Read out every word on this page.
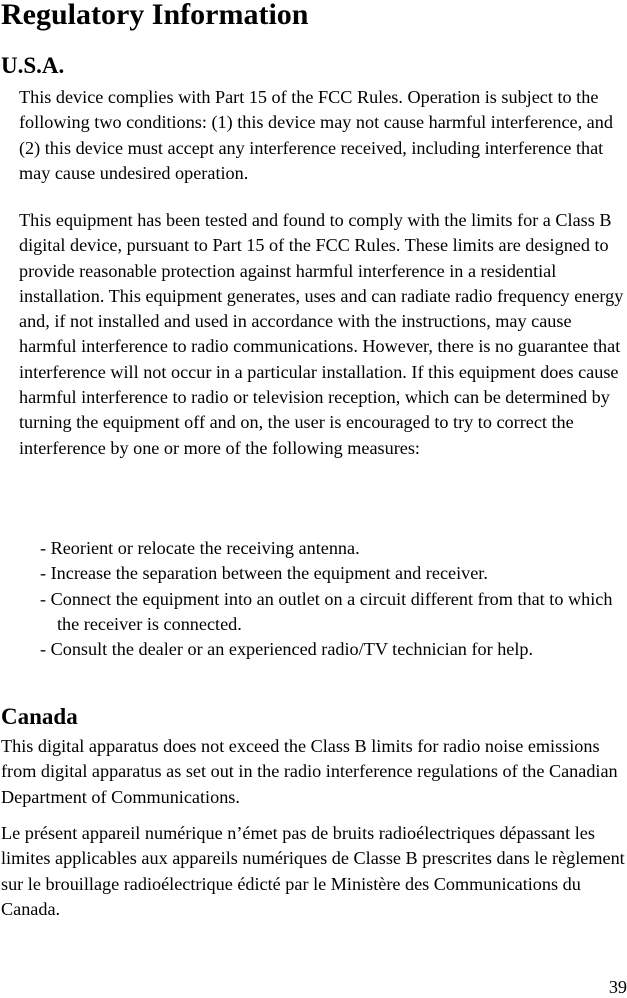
Regulatory Information
U.S.A.

This device complies with Part 15 of the FCC Rules. Operation is subject to the following two conditions: (1) this device may not cause harmful interference, and (2) this device must accept any interference received, including interference that may cause undesired operation.

This equipment has been tested and found to comply with the limits for a Class B digital device, pursuant to Part 15 of the FCC Rules. These limits are designed to provide reasonable protection against harmful interference in a residential installation. This equipment generates, uses and can radiate radio frequency energy and, if not installed and used in accordance with the instructions, may cause harmful interference to radio communications. However, there is no guarantee that interference will not occur in a particular installation. If this equipment does cause harmful interference to radio or television reception, which can be determined by turning the equipment off and on, the user is encouraged to try to correct the interference by one or more of the following measures:

- Reorient or relocate the receiving antenna.
- Increase the separation between the equipment and receiver.
- Connect the equipment into an outlet on a circuit different from that to which the receiver is connected.
- Consult the dealer or an experienced radio/TV technician for help.
Canada

This digital apparatus does not exceed the Class B limits for radio noise emissions from digital apparatus as set out in the radio interference regulations of the Canadian Department of Communications.

Le présent appareil numérique n’émet pas de bruits radioélectriques dépassant les limites applicables aux appareils numériques de Classe B prescrites dans le règlement sur le brouillage radioélectrique édicté par le Ministère des Communications du Canada.

39
